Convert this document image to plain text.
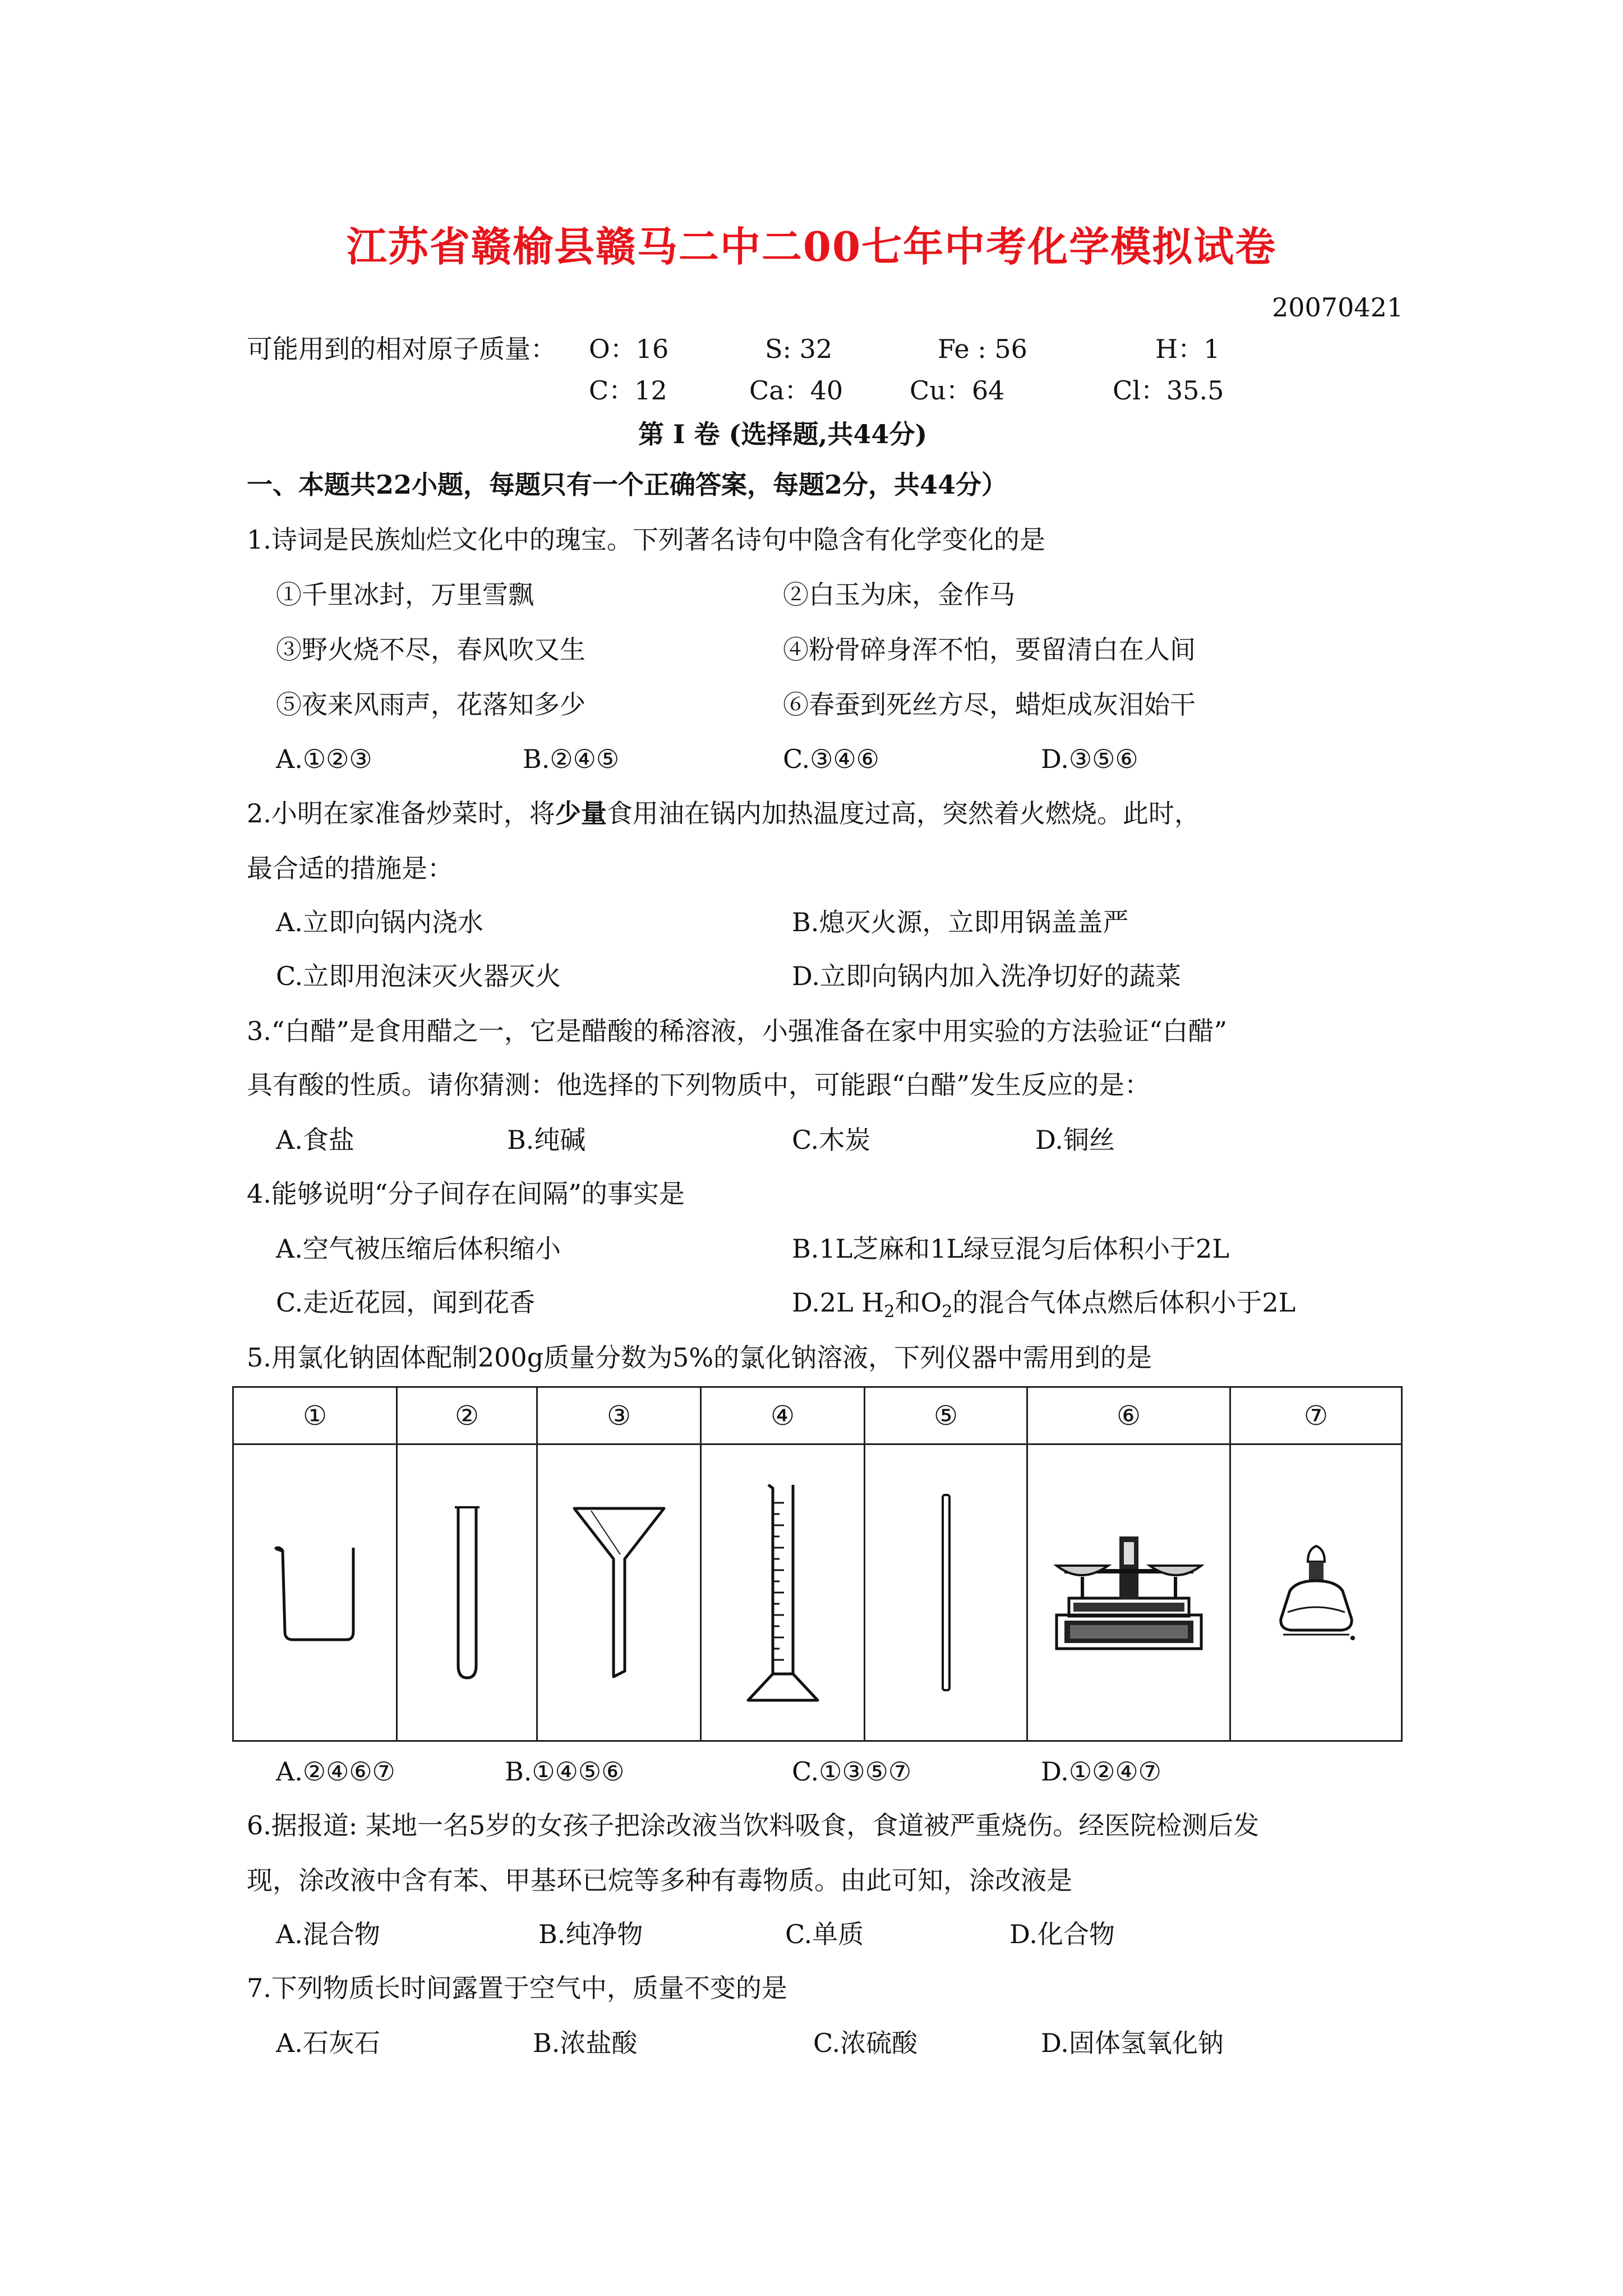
江苏省赣榆县赣马二中二00七年中考化学模拟试卷
20070421
可能用到的相对原子质量： O：16	S: 32	Fe : 56	H：1
C：12	Ca：40	Cu：64	Cl：35.5
第 I 卷 (选择题,共44分)
一、本题共22小题，每题只有一个正确答案，每题2分，共44分）
1.诗词是民族灿烂文化中的瑰宝。下列著名诗句中隐含有化学变化的是
①千里冰封，万里雪飘	②白玉为床，金作马
③野火烧不尽，春风吹又生	④粉骨碎身浑不怕，要留清白在人间
⑤夜来风雨声，花落知多少	⑥春蚕到死丝方尽，蜡炬成灰泪始干
A.①②③	B.②④⑤	C.③④⑥	D.③⑤⑥
2.小明在家准备炒菜时，将少量食用油在锅内加热温度过高，突然着火燃烧。此时，
最合适的措施是：
A.立即向锅内浇水	B.熄灭火源，立即用锅盖盖严
C.立即用泡沫灭火器灭火	D.立即向锅内加入洗净切好的蔬菜
3.“白醋”是食用醋之一，它是醋酸的稀溶液，小强准备在家中用实验的方法验证“白醋”
具有酸的性质。请你猜测：他选择的下列物质中，可能跟“白醋”发生反应的是：
A.食盐	B.纯碱	C.木炭	D.铜丝
4.能够说明“分子间存在间隔”的事实是
A.空气被压缩后体积缩小	B.1L芝麻和1L绿豆混匀后体积小于2L
C.走近花园，闻到花香	D.2L $H_2$和$O_2$的混合气体点燃后体积小于2L
5.用氯化钠固体配制200g质量分数为5%的氯化钠溶液，下列仪器中需用到的是
①	②	③	④	⑤	⑥	⑦

A.②④⑥⑦	B.①④⑤⑥	C.①③⑤⑦	D.①②④⑦
6.据报道: 某地一名5岁的女孩子把涂改液当饮料吸食，食道被严重烧伤。经医院检测后发
现，涂改液中含有苯、甲基环已烷等多种有毒物质。由此可知，涂改液是
A.混合物	B.纯净物	C.单质	D.化合物
7.下列物质长时间露置于空气中，质量不变的是
A.石灰石	B.浓盐酸	C.浓硫酸	D.固体氢氧化钠
